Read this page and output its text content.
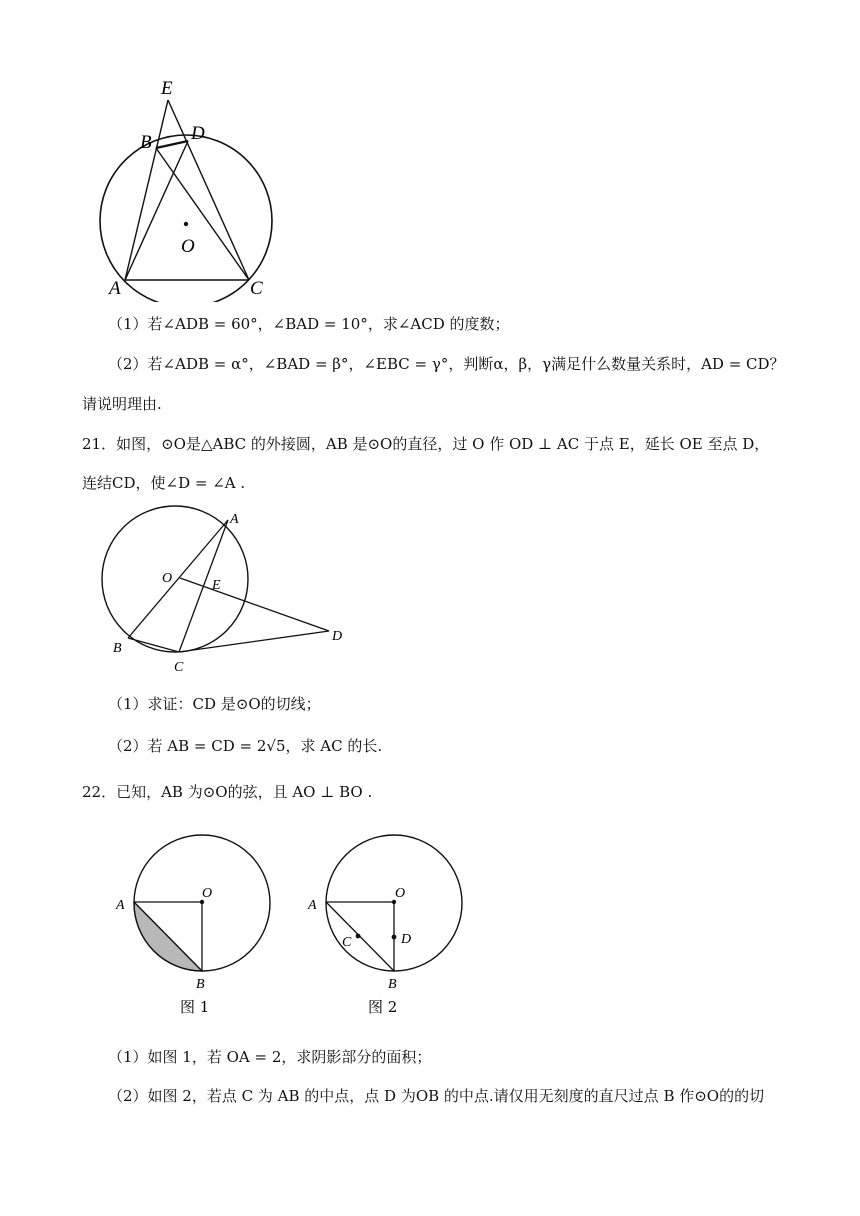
E
B D
O
A	C
（1）若∠ADB = 60°，∠BAD = 10°，求∠ACD 的度数；
（2）若∠ADB = α°，∠BAD = β°，∠EBC = γ°，判断α，β，γ满足什么数量关系时，AD = CD？
请说明理由.
21．如图，⊙O是△ABC 的外接圆，AB 是⊙O的直径，过 O 作 OD ⊥ AC 于点 E，延长 OE 至点 D，
连结CD，使∠D = ∠A .
A
O	E
B
C
D
（1）求证：CD 是⊙O的切线；
（2）若 AB = CD = 2√5，求 AC 的长.
22．已知，AB 为⊙O的弦，且 AO ⊥ BO .
A
O
B
图 1
A
O
C	D
B
图 2
（1）如图 1，若 OA = 2，求阴影部分的面积；
（2）如图 2，若点 C 为 AB 的中点，点 D 为OB 的中点.请仅用无刻度的直尺过点 B 作⊙O的的切
